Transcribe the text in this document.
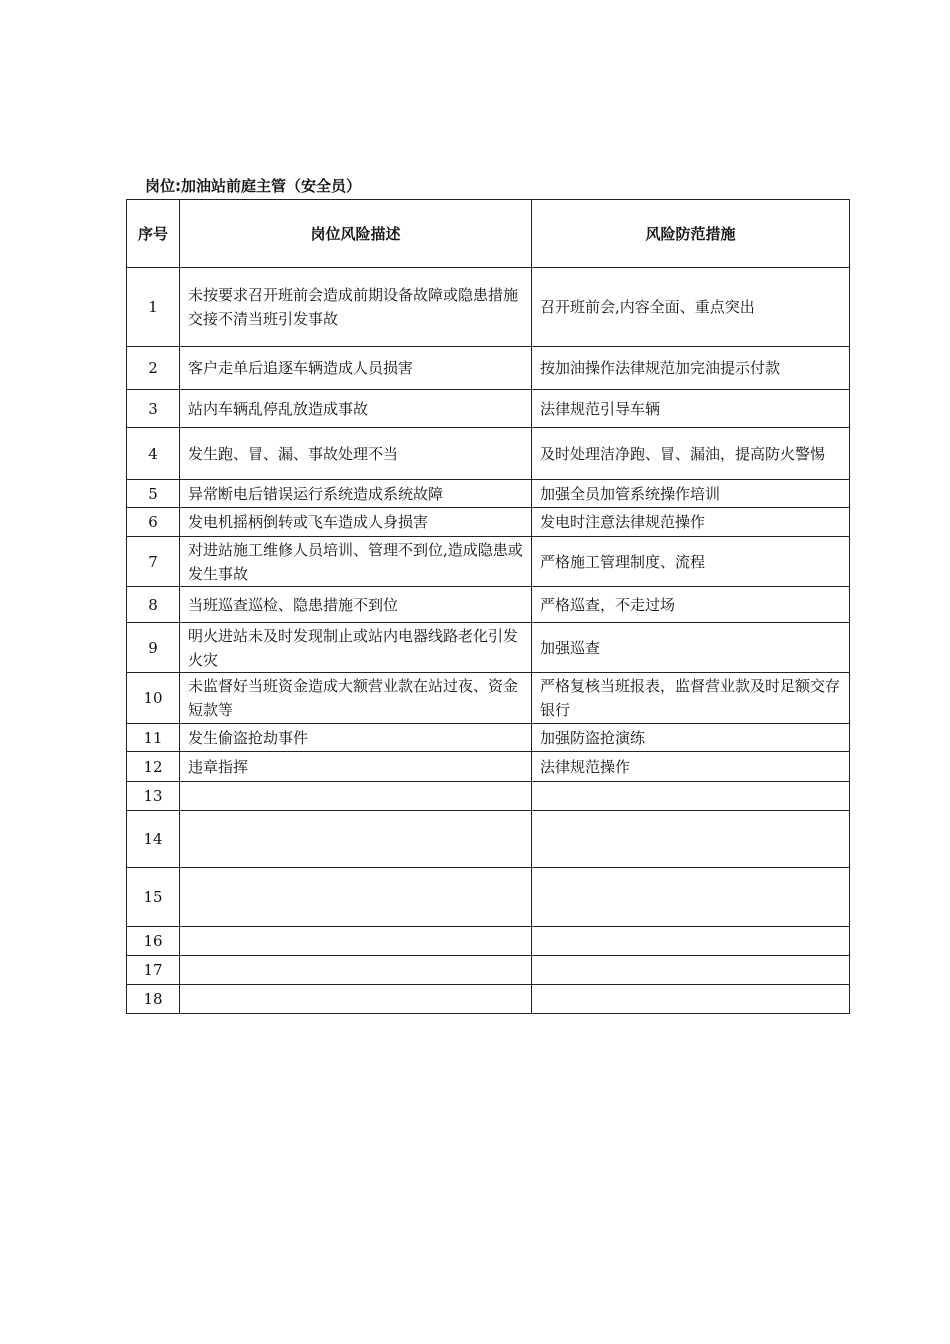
岗位:加油站前庭主管（安全员）
序号	岗位风险描述	风险防范措施
1	未按要求召开班前会造成前期设备故障或隐患措施交接不清当班引发事故	召开班前会,内容全面、重点突出
2	客户走单后追逐车辆造成人员损害	按加油操作法律规范加完油提示付款
3	站内车辆乱停乱放造成事故	法律规范引导车辆
4	发生跑、冒、漏、事故处理不当	及时处理洁净跑、冒、漏油，提高防火警惕
5	异常断电后错误运行系统造成系统故障	加强全员加管系统操作培训
6	发电机摇柄倒转或飞车造成人身损害	发电时注意法律规范操作
7	对进站施工维修人员培训、管理不到位,造成隐患或发生事故	严格施工管理制度、流程
8	当班巡查巡检、隐患措施不到位	严格巡查，不走过场
9	明火进站未及时发现制止或站内电器线路老化引发火灾	加强巡查
10	未监督好当班资金造成大额营业款在站过夜、资金短款等	严格复核当班报表，监督营业款及时足额交存银行
11	发生偷盗抢劫事件	加强防盗抢演练
12	违章指挥	法律规范操作
13		
14		
15		
16		
17		
18		
